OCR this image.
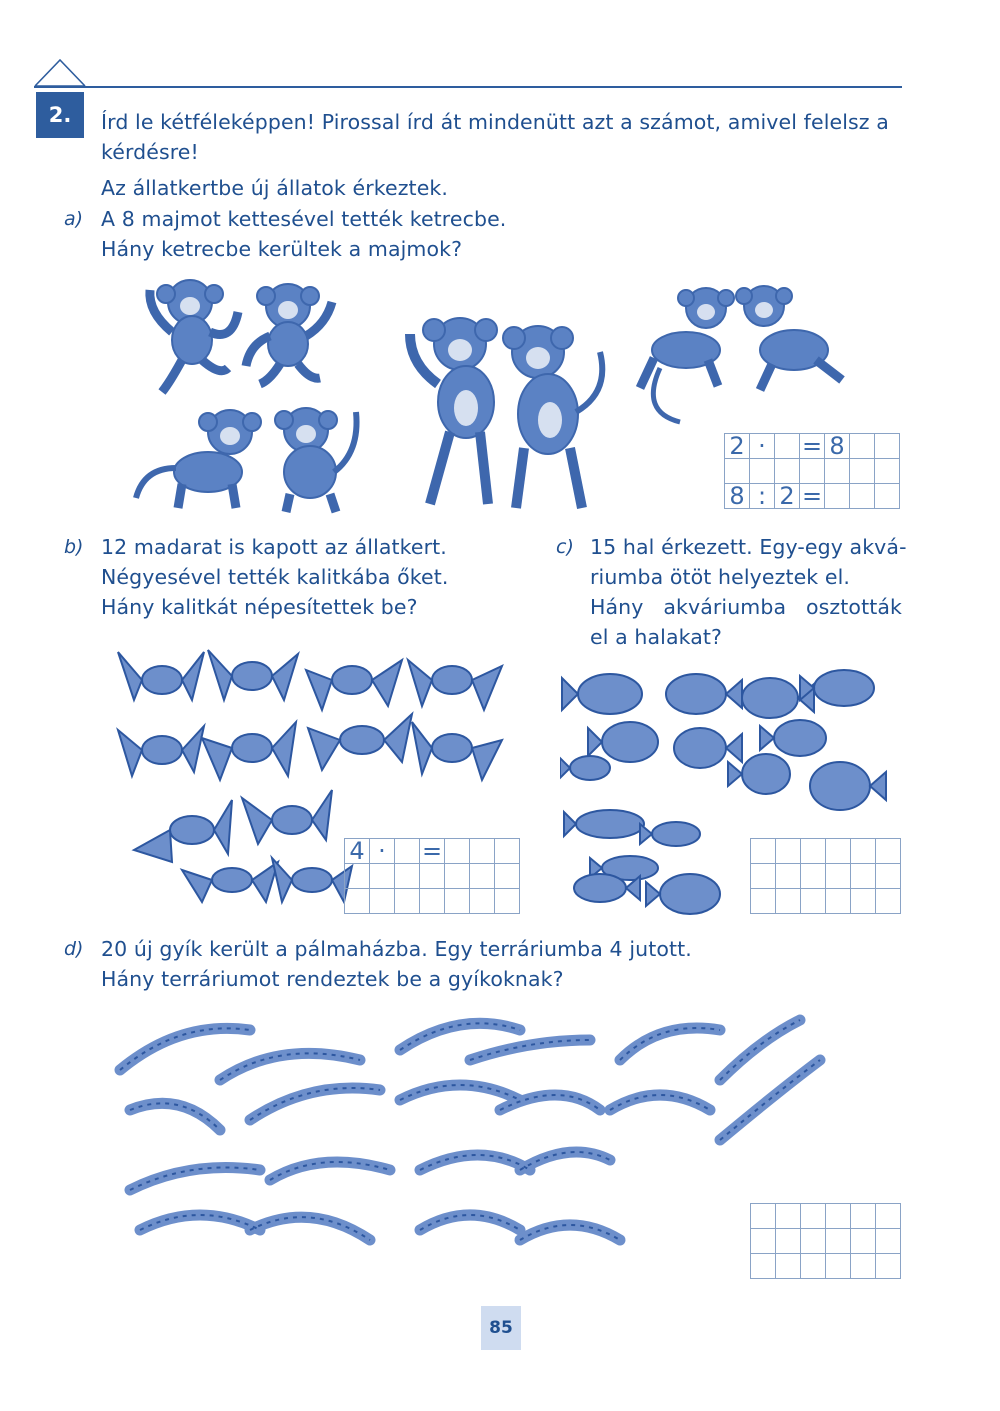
2.	Írd le kétféleképpen! Pirossal írd át mindenütt azt a számot, amivel felelsz a
kérdésre!
Az állatkertbe új állatok érkeztek.
a) A 8 majmot kettesével tették ketrecbe.
Hány ketrecbe kerültek a majmok?
2	·		=	8		

8	:	2	=			
b) 12 madarat is kapott az állatkert.
Négyesével tették kalitkába őket.
Hány kalitkát népesítettek be?
4	·		=			

c) 15 hal érkezett. Egy-egy akvá-
riumba ötöt helyeztek el.
Hány akváriumba osztották
el a halakat?

d) 20 új gyík került a pálmaházba. Egy terráriumba 4 jutott.
Hány terráriumot rendeztek be a gyíkoknak?

85
